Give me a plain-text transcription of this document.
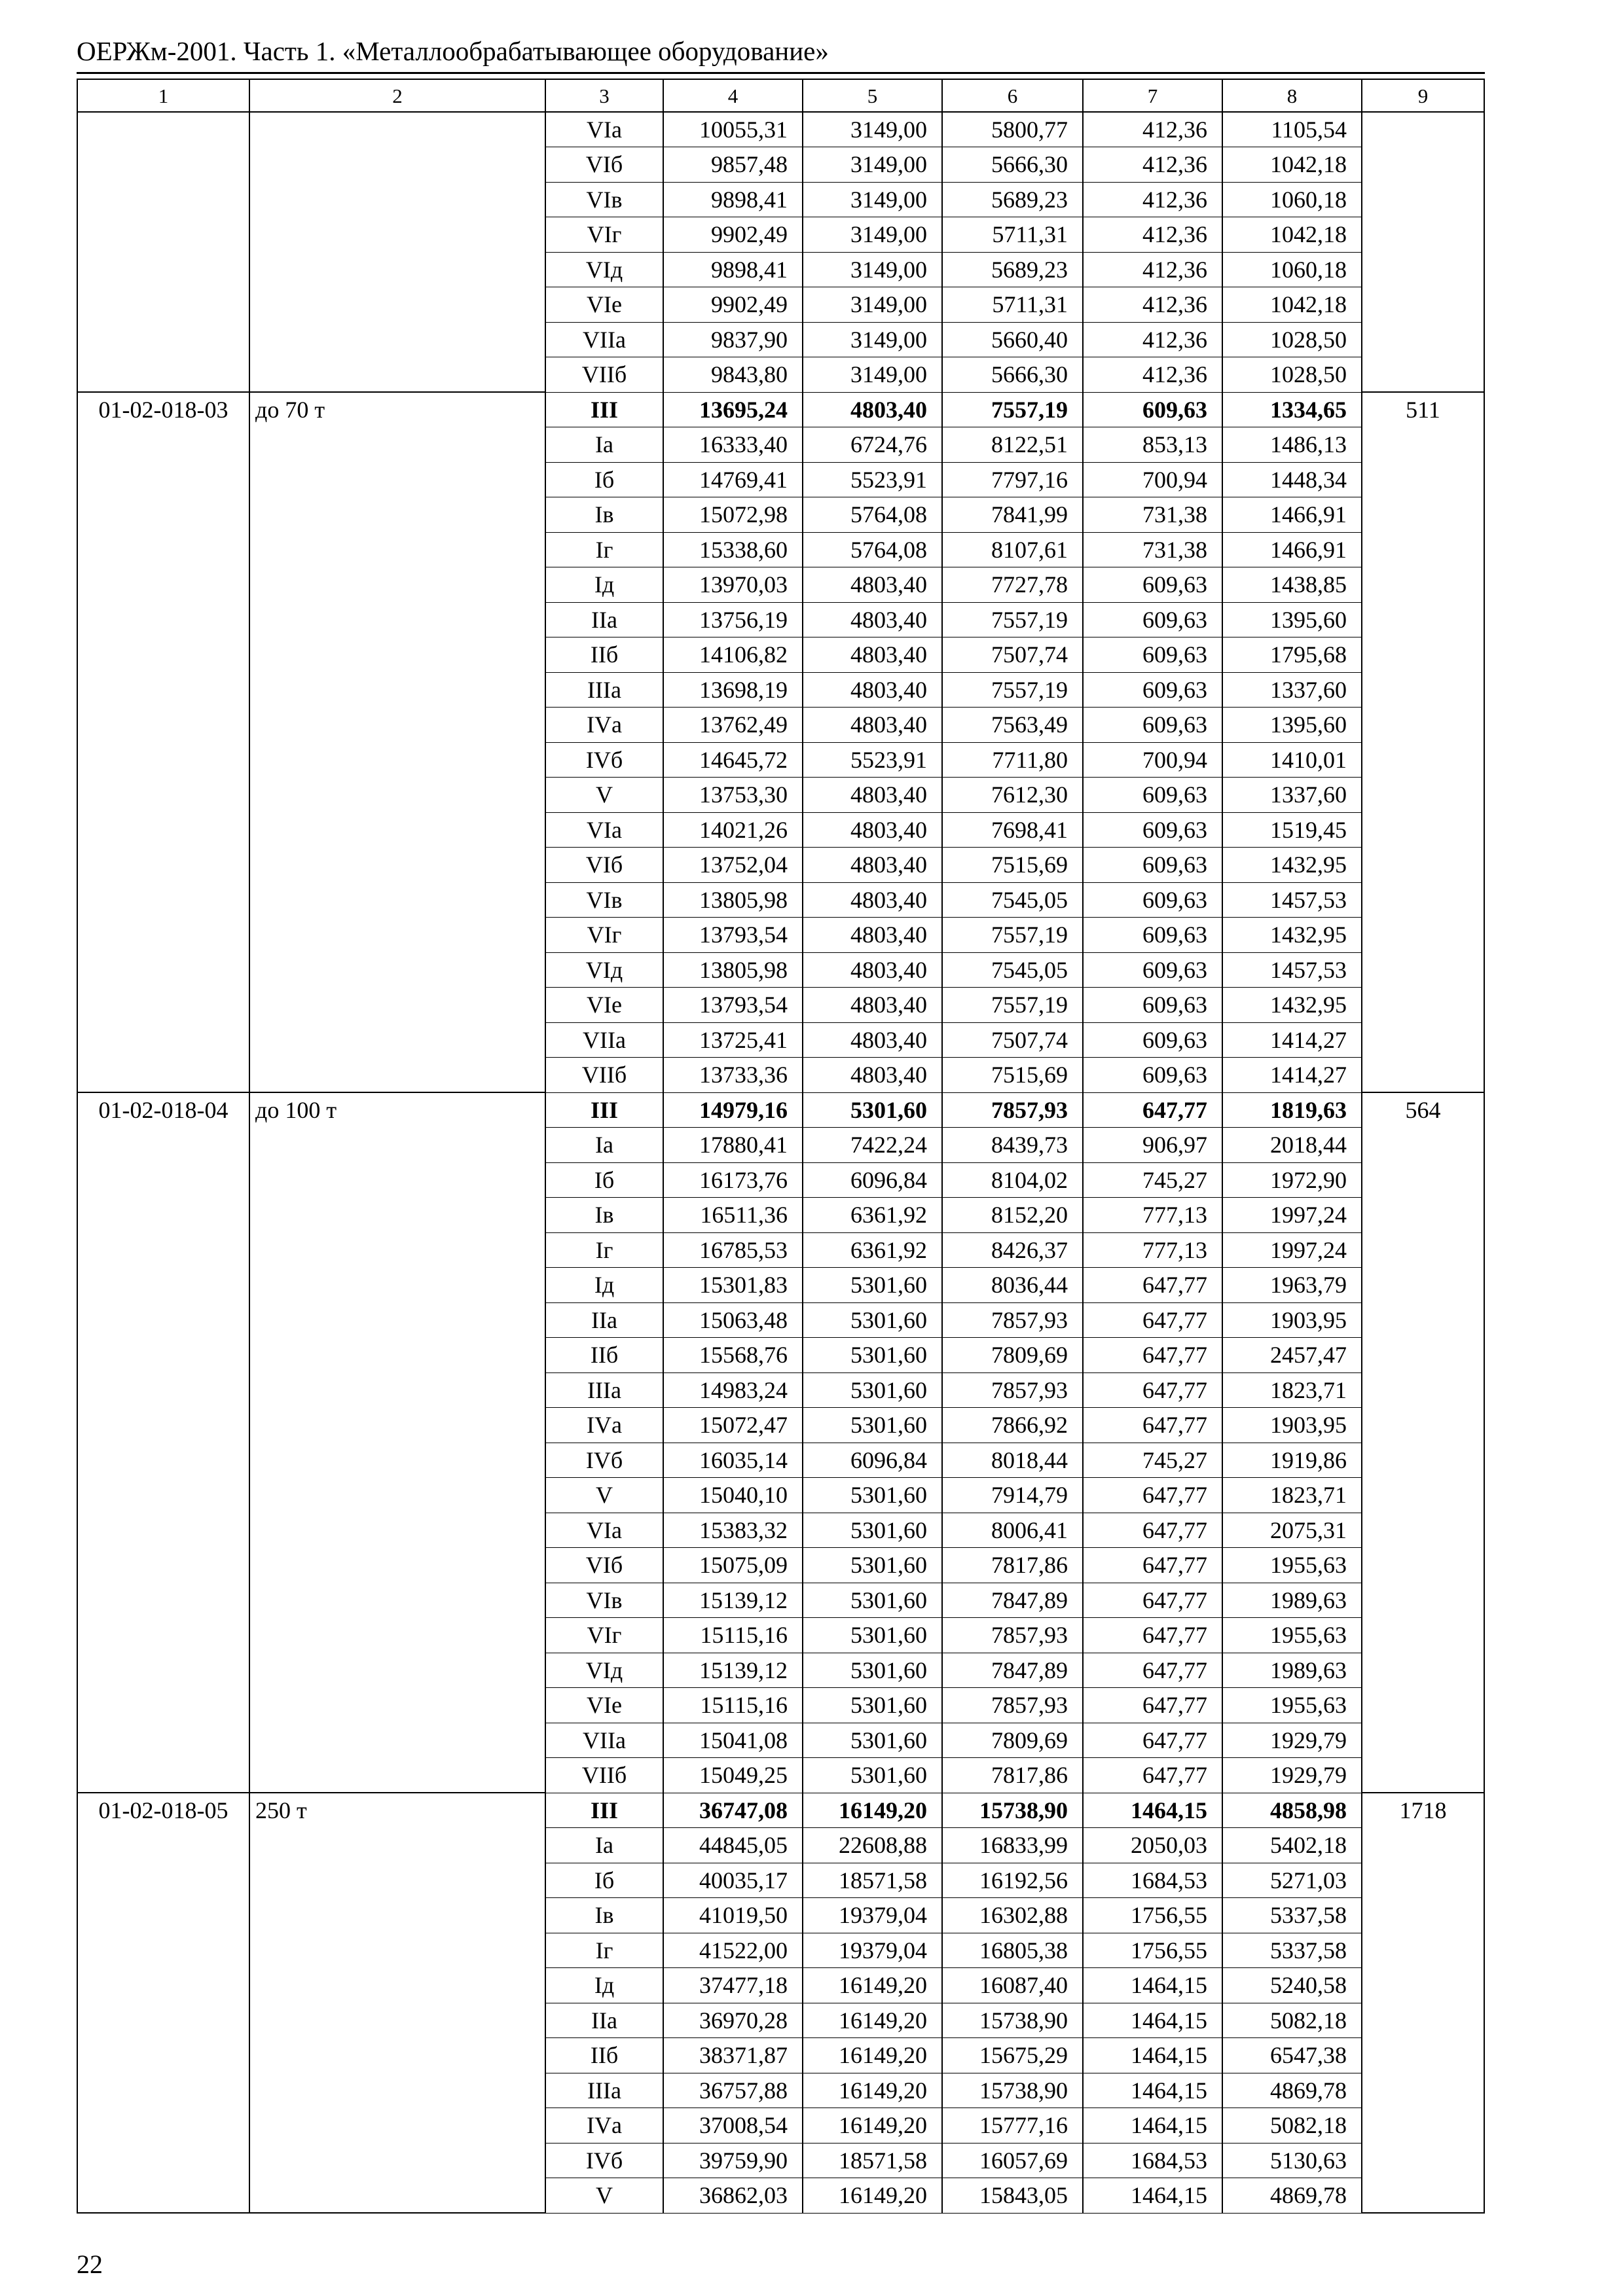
ОЕРЖм-2001. Часть 1. «Металлообрабатывающее оборудование»
1	2	3	4	5	6	7	8	9
		VIа	10055,31	3149,00	5800,77	412,36	1105,54	
		VIб	9857,48	3149,00	5666,30	412,36	1042,18	
		VIв	9898,41	3149,00	5689,23	412,36	1060,18	
		VIг	9902,49	3149,00	5711,31	412,36	1042,18	
		VIд	9898,41	3149,00	5689,23	412,36	1060,18	
		VIе	9902,49	3149,00	5711,31	412,36	1042,18	
		VIIа	9837,90	3149,00	5660,40	412,36	1028,50	
		VIIб	9843,80	3149,00	5666,30	412,36	1028,50	
01-02-018-03	до 70 т	III	13695,24	4803,40	7557,19	609,63	1334,65	511
		Iа	16333,40	6724,76	8122,51	853,13	1486,13	
		Iб	14769,41	5523,91	7797,16	700,94	1448,34	
		Iв	15072,98	5764,08	7841,99	731,38	1466,91	
		Iг	15338,60	5764,08	8107,61	731,38	1466,91	
		Iд	13970,03	4803,40	7727,78	609,63	1438,85	
		IIа	13756,19	4803,40	7557,19	609,63	1395,60	
		IIб	14106,82	4803,40	7507,74	609,63	1795,68	
		IIIа	13698,19	4803,40	7557,19	609,63	1337,60	
		IVа	13762,49	4803,40	7563,49	609,63	1395,60	
		IVб	14645,72	5523,91	7711,80	700,94	1410,01	
		V	13753,30	4803,40	7612,30	609,63	1337,60	
		VIа	14021,26	4803,40	7698,41	609,63	1519,45	
		VIб	13752,04	4803,40	7515,69	609,63	1432,95	
		VIв	13805,98	4803,40	7545,05	609,63	1457,53	
		VIг	13793,54	4803,40	7557,19	609,63	1432,95	
		VIд	13805,98	4803,40	7545,05	609,63	1457,53	
		VIе	13793,54	4803,40	7557,19	609,63	1432,95	
		VIIа	13725,41	4803,40	7507,74	609,63	1414,27	
		VIIб	13733,36	4803,40	7515,69	609,63	1414,27	
01-02-018-04	до 100 т	III	14979,16	5301,60	7857,93	647,77	1819,63	564
		Iа	17880,41	7422,24	8439,73	906,97	2018,44	
		Iб	16173,76	6096,84	8104,02	745,27	1972,90	
		Iв	16511,36	6361,92	8152,20	777,13	1997,24	
		Iг	16785,53	6361,92	8426,37	777,13	1997,24	
		Iд	15301,83	5301,60	8036,44	647,77	1963,79	
		IIа	15063,48	5301,60	7857,93	647,77	1903,95	
		IIб	15568,76	5301,60	7809,69	647,77	2457,47	
		IIIа	14983,24	5301,60	7857,93	647,77	1823,71	
		IVа	15072,47	5301,60	7866,92	647,77	1903,95	
		IVб	16035,14	6096,84	8018,44	745,27	1919,86	
		V	15040,10	5301,60	7914,79	647,77	1823,71	
		VIа	15383,32	5301,60	8006,41	647,77	2075,31	
		VIб	15075,09	5301,60	7817,86	647,77	1955,63	
		VIв	15139,12	5301,60	7847,89	647,77	1989,63	
		VIг	15115,16	5301,60	7857,93	647,77	1955,63	
		VIд	15139,12	5301,60	7847,89	647,77	1989,63	
		VIе	15115,16	5301,60	7857,93	647,77	1955,63	
		VIIа	15041,08	5301,60	7809,69	647,77	1929,79	
		VIIб	15049,25	5301,60	7817,86	647,77	1929,79	
01-02-018-05	250 т	III	36747,08	16149,20	15738,90	1464,15	4858,98	1718
		Iа	44845,05	22608,88	16833,99	2050,03	5402,18	
		Iб	40035,17	18571,58	16192,56	1684,53	5271,03	
		Iв	41019,50	19379,04	16302,88	1756,55	5337,58	
		Iг	41522,00	19379,04	16805,38	1756,55	5337,58	
		Iд	37477,18	16149,20	16087,40	1464,15	5240,58	
		IIа	36970,28	16149,20	15738,90	1464,15	5082,18	
		IIб	38371,87	16149,20	15675,29	1464,15	6547,38	
		IIIа	36757,88	16149,20	15738,90	1464,15	4869,78	
		IVа	37008,54	16149,20	15777,16	1464,15	5082,18	
		IVб	39759,90	18571,58	16057,69	1684,53	5130,63	
		V	36862,03	16149,20	15843,05	1464,15	4869,78	
22
